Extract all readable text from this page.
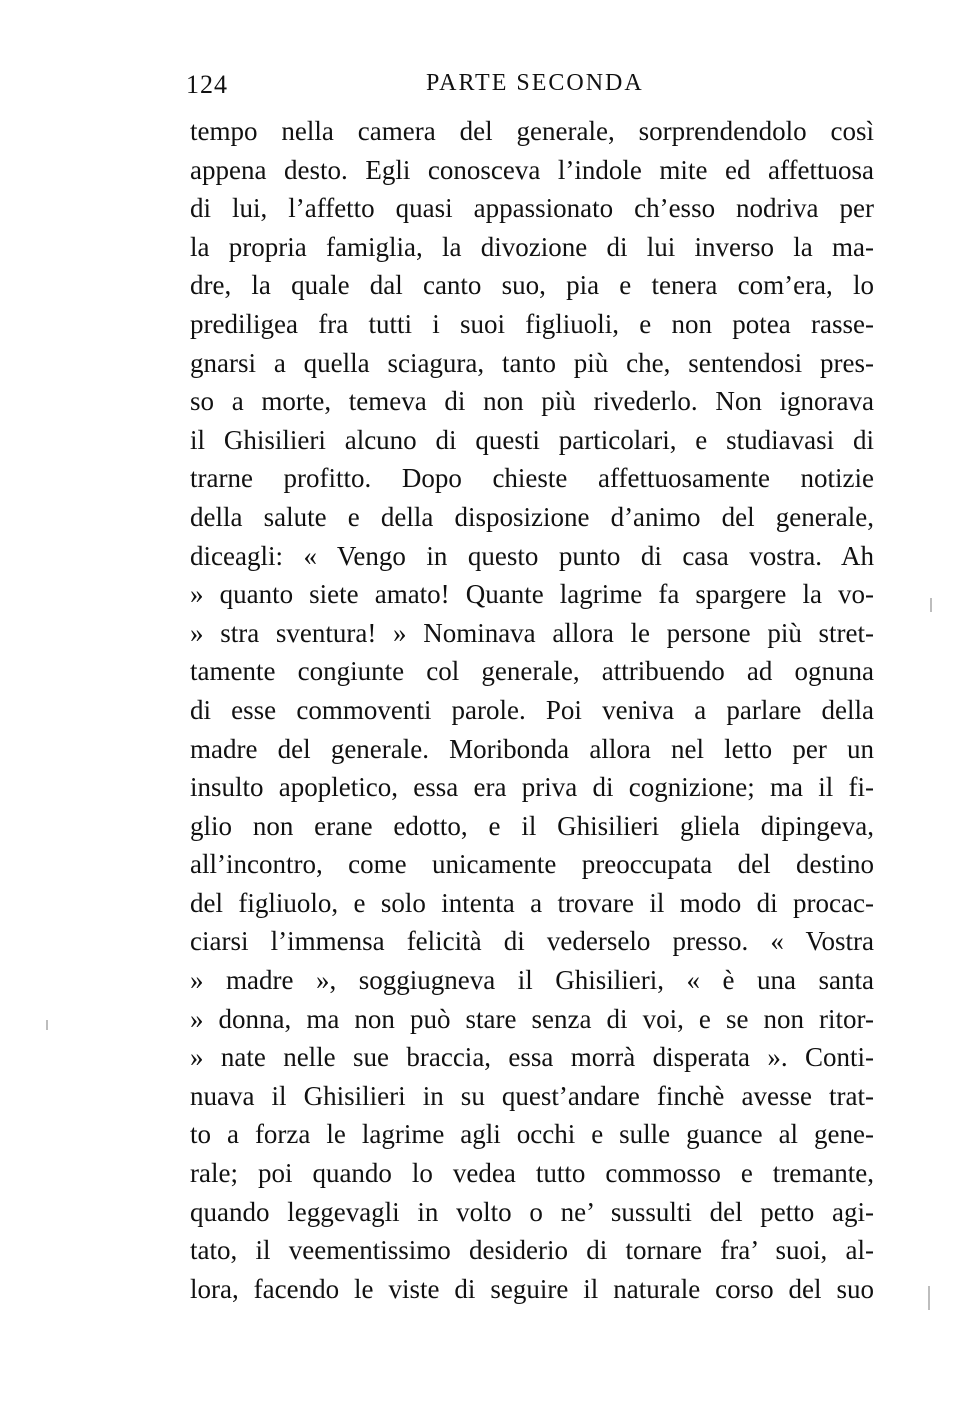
124	PARTE SECONDA
tempo nella camera del generale, sorprendendolo così
appena desto. Egli conosceva l’indole mite ed affettuosa
di lui, l’affetto quasi appassionato ch’esso nodriva per
la propria famiglia, la divozione di lui inverso la ma-
dre, la quale dal canto suo, pia e tenera com’era, lo
prediligea fra tutti i suoi figliuoli, e non potea rasse-
gnarsi a quella sciagura, tanto più che, sentendosi pres-
so a morte, temeva di non più rivederlo. Non ignorava
il Ghisilieri alcuno di questi particolari, e studiavasi di
trarne profitto. Dopo chieste affettuosamente notizie
della salute e della disposizione d’animo del generale,
diceagli: « Vengo in questo punto di casa vostra. Ah
» quanto siete amato! Quante lagrime fa spargere la vo-
» stra sventura! » Nominava allora le persone più stret-
tamente congiunte col generale, attribuendo ad ognuna
di esse commoventi parole. Poi veniva a parlare della
madre del generale. Moribonda allora nel letto per un
insulto apopletico, essa era priva di cognizione; ma il fi-
glio non erane edotto, e il Ghisilieri gliela dipingeva,
all’incontro, come unicamente preoccupata del destino
del figliuolo, e solo intenta a trovare il modo di procac-
ciarsi l’immensa felicità di vederselo presso. « Vostra
» madre », soggiugneva il Ghisilieri, « è una santa
» donna, ma non può stare senza di voi, e se non ritor-
» nate nelle sue braccia, essa morrà disperata ». Conti-
nuava il Ghisilieri in su quest’andare finchè avesse trat-
to a forza le lagrime agli occhi e sulle guance al gene-
rale; poi quando lo vedea tutto commosso e tremante,
quando leggevagli in volto o ne’ sussulti del petto agi-
tato, il veementissimo desiderio di tornare fra’ suoi, al-
lora, facendo le viste di seguire il naturale corso del suo
